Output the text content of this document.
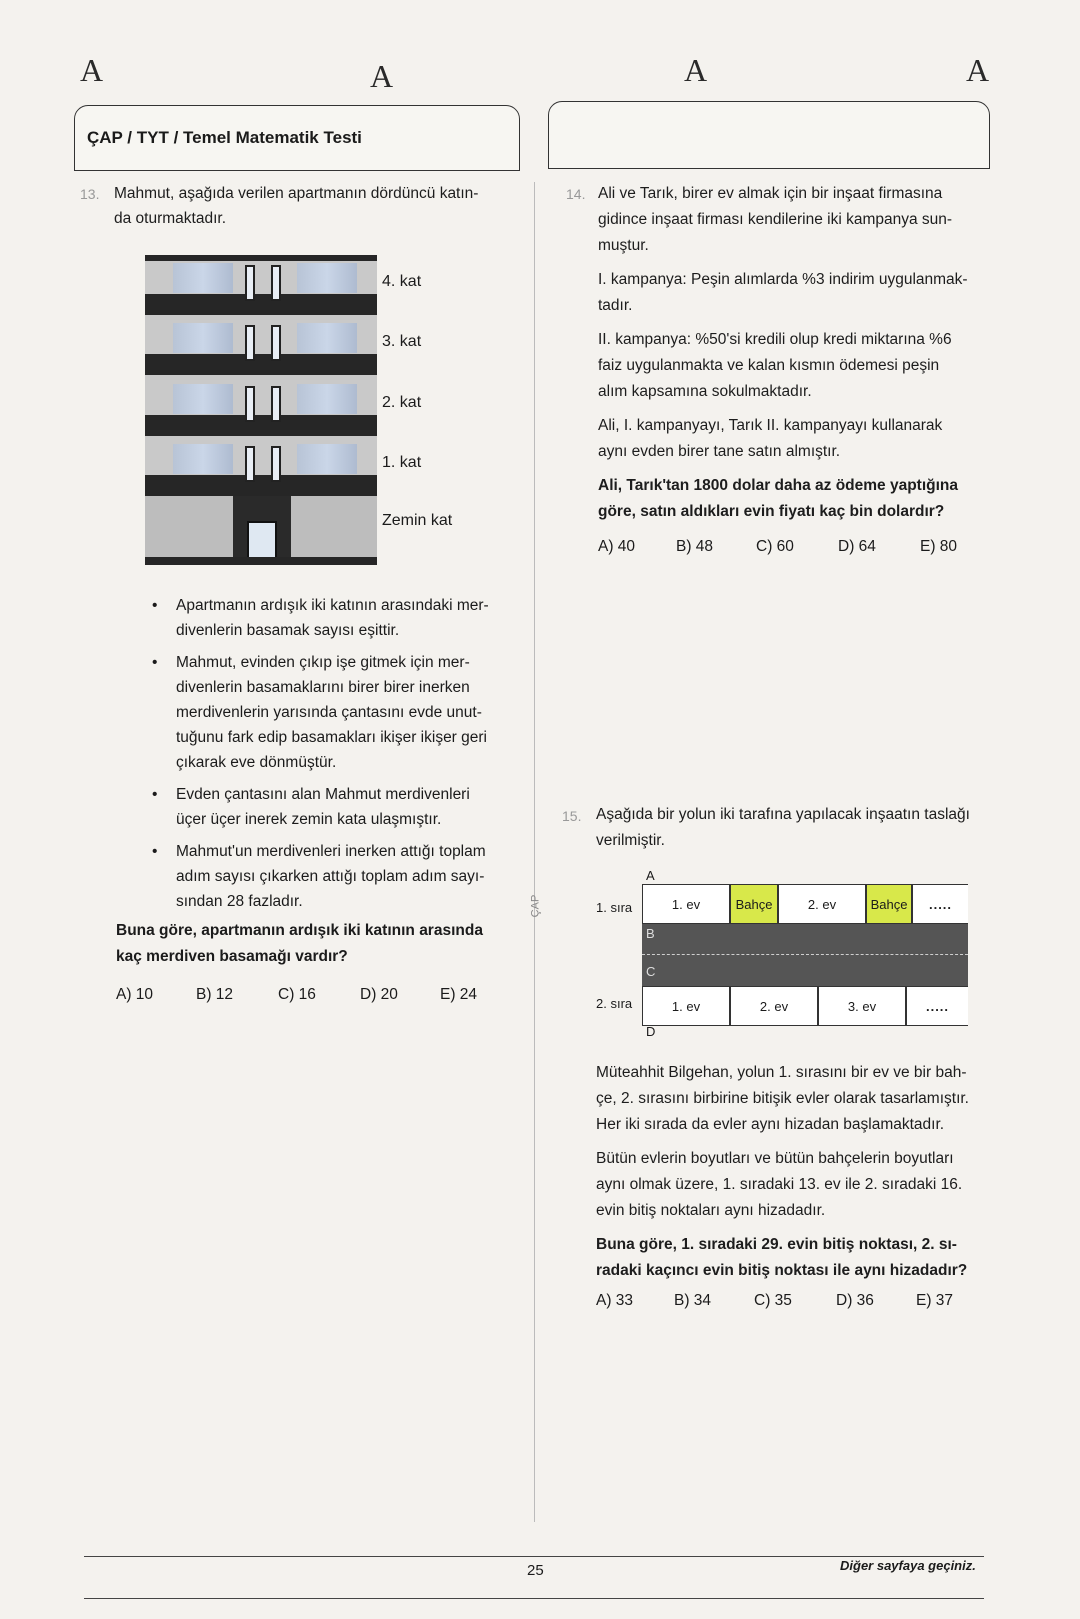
A	A	A	A
ÇAP / TYT / Temel Matematik Testi
ÇAP
13. Mahmut, aşağıda verilen apartmanın dördüncü katın-
da oturmaktadır.
4. kat
3. kat
2. kat
1. kat
Zemin kat
• Apartmanın ardışık iki katının arasındaki mer-
divenlerin basamak sayısı eşittir.
• Mahmut, evinden çıkıp işe gitmek için mer-
divenlerin basamaklarını birer birer inerken
merdivenlerin yarısında çantasını evde unut-
tuğunu fark edip basamakları ikişer ikişer geri
çıkarak eve dönmüştür.
• Evden çantasını alan Mahmut merdivenleri
üçer üçer inerek zemin kata ulaşmıştır.
• Mahmut'un merdivenleri inerken attığı toplam
adım sayısı çıkarken attığı toplam adım sayı-
sından 28 fazladır.
Buna göre, apartmanın ardışık iki katının arasında
kaç merdiven basamağı vardır?
A) 10	B) 12	C) 16	D) 20	E) 24
14. Ali ve Tarık, birer ev almak için bir inşaat firmasına
gidince inşaat firması kendilerine iki kampanya sun-
muştur.
I. kampanya: Peşin alımlarda %3 indirim uygulanmak-
tadır.
II. kampanya: %50'si kredili olup kredi miktarına %6
faiz uygulanmakta ve kalan kısmın ödemesi peşin
alım kapsamına sokulmaktadır.
Ali, I. kampanyayı, Tarık II. kampanyayı kullanarak
aynı evden birer tane satın almıştır.
Ali, Tarık'tan 1800 dolar daha az ödeme yaptığına
göre, satın aldıkları evin fiyatı kaç bin dolardır?
A) 40	B) 48	C) 60	D) 64	E) 80
15. Aşağıda bir yolun iki tarafına yapılacak inşaatın taslağı
verilmiştir.
A
1. sıra	1. ev	Bahçe	2. ev	Bahçe	.....
B
C
2. sıra	1. ev	2. ev	3. ev	.....
D
Müteahhit Bilgehan, yolun 1. sırasını bir ev ve bir bah-
çe, 2. sırasını birbirine bitişik evler olarak tasarlamıştır.
Her iki sırada da evler aynı hizadan başlamaktadır.
Bütün evlerin boyutları ve bütün bahçelerin boyutları
aynı olmak üzere, 1. sıradaki 13. ev ile 2. sıradaki 16.
evin bitiş noktaları aynı hizadadır.
Buna göre, 1. sıradaki 29. evin bitiş noktası, 2. sı-
radaki kaçıncı evin bitiş noktası ile aynı hizadadır?
A) 33	B) 34	C) 35	D) 36	E) 37
25	Diğer sayfaya geçiniz.
